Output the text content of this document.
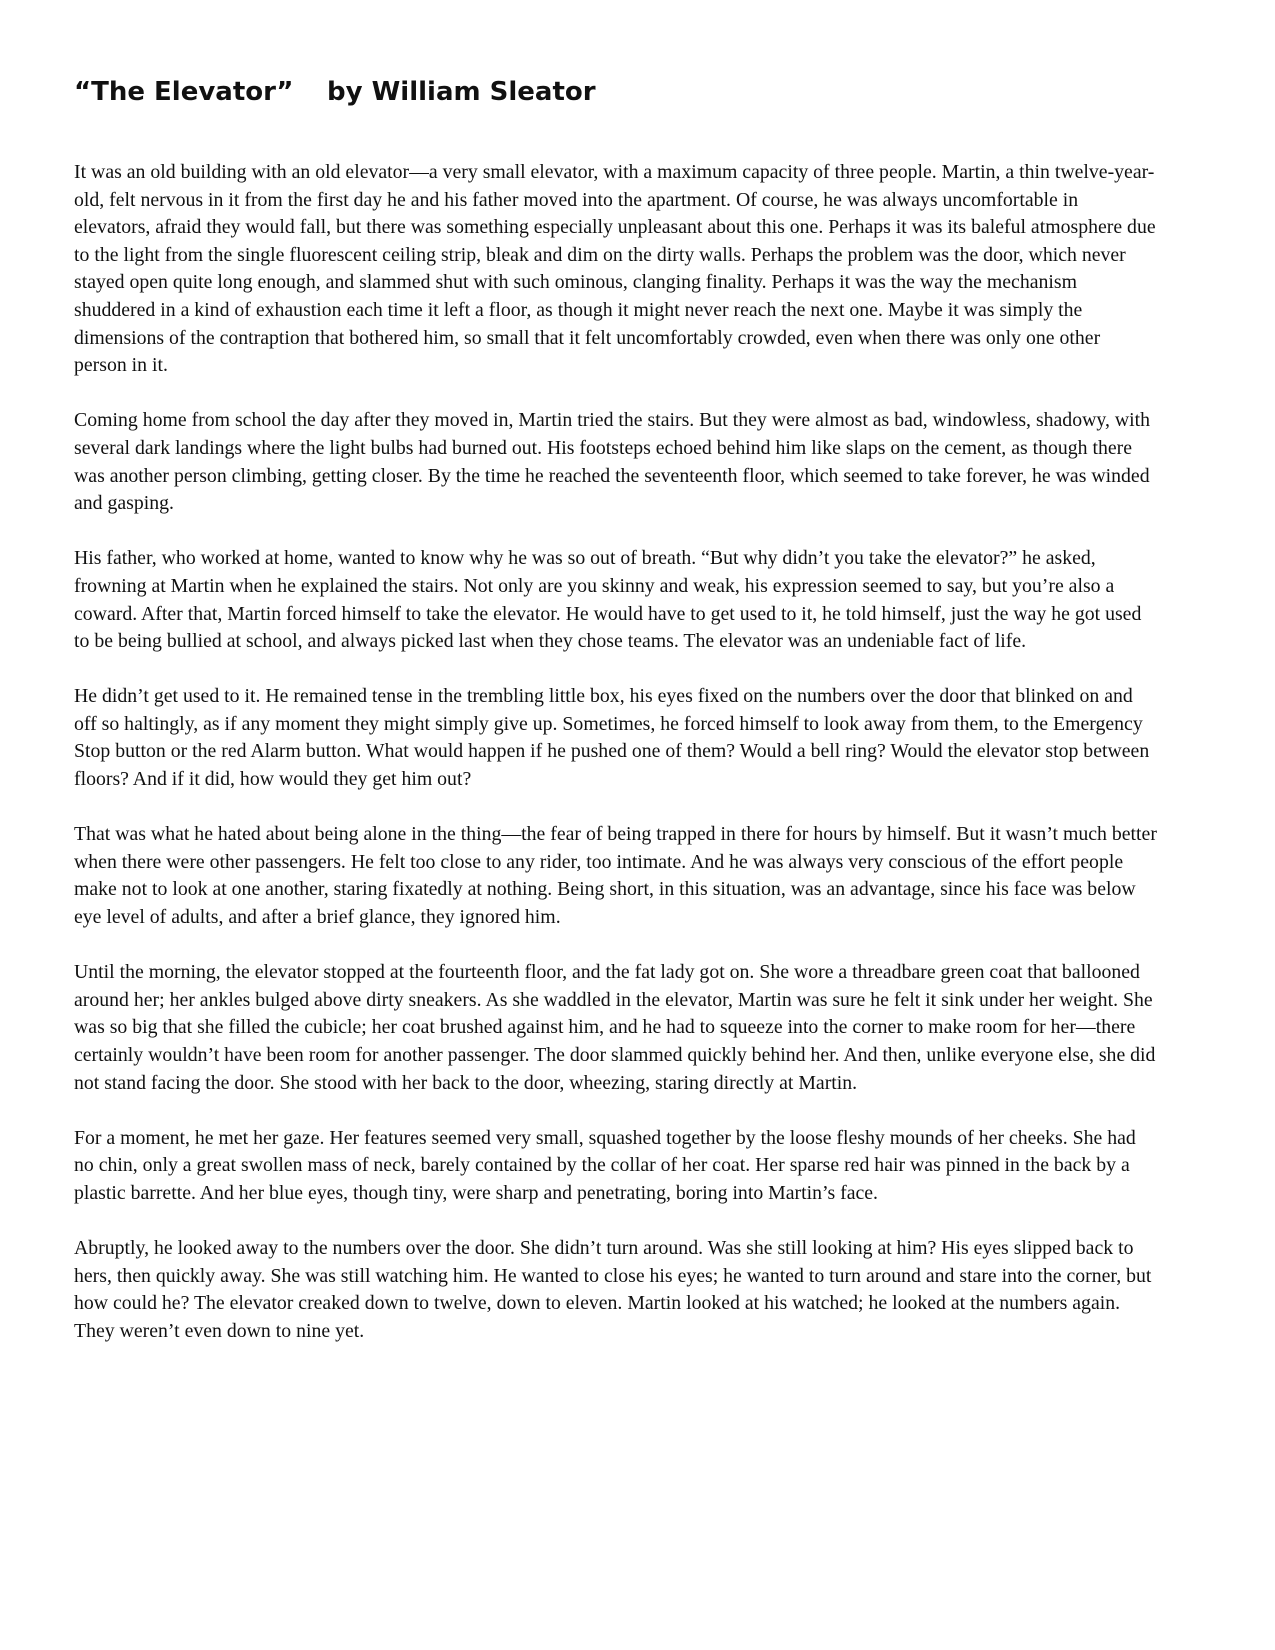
“The Elevator”	by William Sleator

It was an old building with an old elevator—a very small elevator, with a maximum capacity of three people. Martin, a thin twelve-year-old, felt nervous in it from the first day he and his father moved into the apartment. Of course, he was always uncomfortable in elevators, afraid they would fall, but there was something especially unpleasant about this one. Perhaps it was its baleful atmosphere due to the light from the single fluorescent ceiling strip, bleak and dim on the dirty walls. Perhaps the problem was the door, which never stayed open quite long enough, and slammed shut with such ominous, clanging finality. Perhaps it was the way the mechanism shuddered in a kind of exhaustion each time it left a floor, as though it might never reach the next one. Maybe it was simply the dimensions of the contraption that bothered him, so small that it felt uncomfortably crowded, even when there was only one other person in it.

Coming home from school the day after they moved in, Martin tried the stairs. But they were almost as bad, windowless, shadowy, with several dark landings where the light bulbs had burned out. His footsteps echoed behind him like slaps on the cement, as though there was another person climbing, getting closer. By the time he reached the seventeenth floor, which seemed to take forever, he was winded and gasping.

His father, who worked at home, wanted to know why he was so out of breath. “But why didn’t you take the elevator?” he asked, frowning at Martin when he explained the stairs. Not only are you skinny and weak, his expression seemed to say, but you’re also a coward. After that, Martin forced himself to take the elevator. He would have to get used to it, he told himself, just the way he got used to be being bullied at school, and always picked last when they chose teams. The elevator was an undeniable fact of life.

He didn’t get used to it. He remained tense in the trembling little box, his eyes fixed on the numbers over the door that blinked on and off so haltingly, as if any moment they might simply give up. Sometimes, he forced himself to look away from them, to the Emergency Stop button or the red Alarm button. What would happen if he pushed one of them? Would a bell ring? Would the elevator stop between floors? And if it did, how would they get him out?

That was what he hated about being alone in the thing—the fear of being trapped in there for hours by himself. But it wasn’t much better when there were other passengers. He felt too close to any rider, too intimate. And he was always very conscious of the effort people make not to look at one another, staring fixatedly at nothing. Being short, in this situation, was an advantage, since his face was below eye level of adults, and after a brief glance, they ignored him.

Until the morning, the elevator stopped at the fourteenth floor, and the fat lady got on. She wore a threadbare green coat that ballooned around her; her ankles bulged above dirty sneakers. As she waddled in the elevator, Martin was sure he felt it sink under her weight. She was so big that she filled the cubicle; her coat brushed against him, and he had to squeeze into the corner to make room for her—there certainly wouldn’t have been room for another passenger. The door slammed quickly behind her. And then, unlike everyone else, she did not stand facing the door. She stood with her back to the door, wheezing, staring directly at Martin.

For a moment, he met her gaze. Her features seemed very small, squashed together by the loose fleshy mounds of her cheeks. She had no chin, only a great swollen mass of neck, barely contained by the collar of her coat. Her sparse red hair was pinned in the back by a plastic barrette. And her blue eyes, though tiny, were sharp and penetrating, boring into Martin’s face.

Abruptly, he looked away to the numbers over the door. She didn’t turn around. Was she still looking at him? His eyes slipped back to hers, then quickly away. She was still watching him. He wanted to close his eyes; he wanted to turn around and stare into the corner, but how could he? The elevator creaked down to twelve, down to eleven. Martin looked at his watched; he looked at the numbers again. They weren’t even down to nine yet.
